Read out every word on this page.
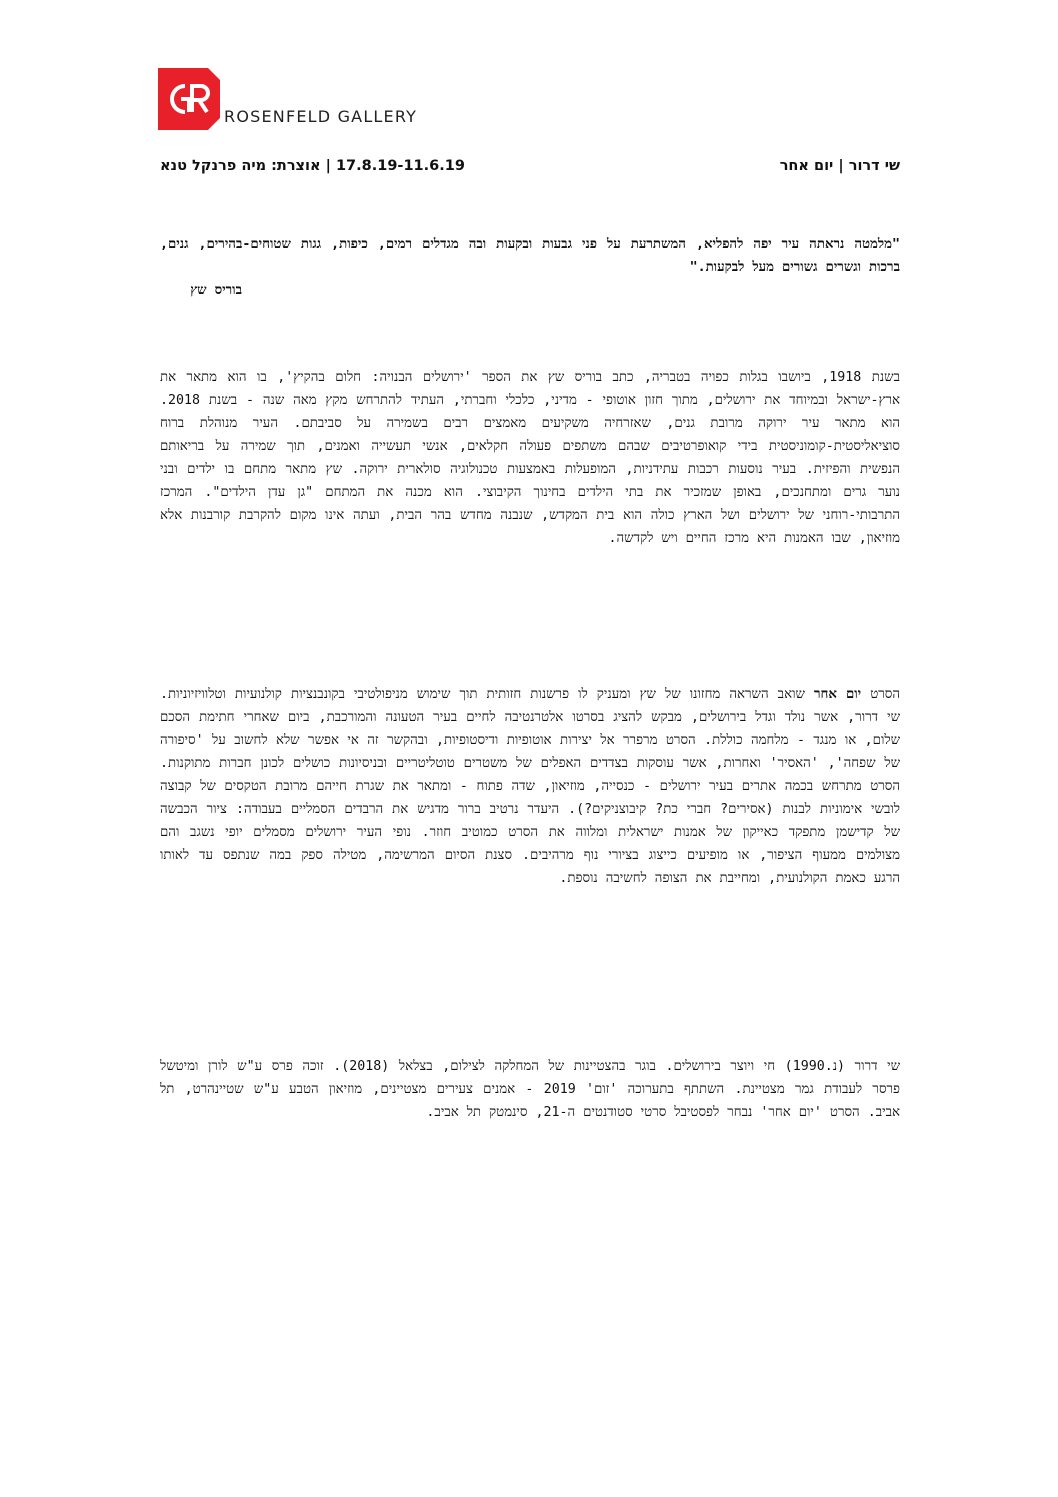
ROSENFELD GALLERY
שי דרור | יום אחר
17.8.19-11.6.19 | אוצרת: מיה פרנקל טנא

"מלמטה נראתה עיר יפה להפליא, המשתרעת על פני גבעות ובקעות ובה מגדלים רמים, כיפות, גגות שטוחים-בהירים, גנים, ברכות וגשרים גשורים מעל לבקעות."

בוריס שץ

בשנת 1918, ביושבו בגלות כפויה בטבריה, כתב בוריס שץ את הספר 'ירושלים הבנויה: חלום בהקיץ', בו הוא מתאר את ארץ-ישראל ובמיוחד את ירושלים, מתוך חזון אוטופי - מדיני, כלכלי וחברתי, העתיד להתרחש מקץ מאה שנה - בשנת 2018. הוא מתאר עיר ירוקה מרובת גנים, שאזרחיה משקיעים מאמצים רבים בשמירה על סביבתם. העיר מנוהלת ברוח סוציאליסטית-קומוניסטית בידי קואופרטיבים שבהם משתפים פעולה חקלאים, אנשי תעשייה ואמנים, תוך שמירה על בריאותם הנפשית והפיזית. בעיר נוסעות רכבות עתידניות, המופעלות באמצעות טכנולוגיה סולארית ירוקה. שץ מתאר מתחם בו ילדים ובני נוער גרים ומתחנכים, באופן שמזכיר את בתי הילדים בחינוך הקיבוצי. הוא מכנה את המתחם "גן עדן הילדים". המרכז התרבותי-רוחני של ירושלים ושל הארץ כולה הוא בית המקדש, שנבנה מחדש בהר הבית, ועתה אינו מקום להקרבת קורבנות אלא מוזיאון, שבו האמנות היא מרכז החיים ויש לקדשה.

הסרט יום אחר שואב השראה מחזונו של שץ ומעניק לו פרשנות חזותית תוך שימוש מניפולטיבי בקונבנציות קולנועיות וטלוויזיוניות. שי דרור, אשר נולד וגדל בירושלים, מבקש להציג בסרטו אלטרנטיבה לחיים בעיר הטעונה והמורכבת, ביום שאחרי חתימת הסכם שלום, או מנגד - מלחמה כוללת. הסרט מרפרר אל יצירות אוטופיות ודיסטופיות, ובהקשר זה אי אפשר שלא לחשוב על 'סיפורה של שפחה', 'האסיר' ואחרות, אשר עוסקות בצדדים האפלים של משטרים טוטליטריים ובניסיונות כושלים לכונן חברות מתוקנות. הסרט מתרחש בכמה אתרים בעיר ירושלים - כנסייה, מוזיאון, שדה פתוח - ומתאר את שגרת חייהם מרובת הטקסים של קבוצה לובשי אימוניות לבנות (אסירים? חברי כת? קיבוצניקים?). היעדר נרטיב ברור מדגיש את הרבדים הסמליים בעבודה: ציור הכבשה של קדישמן מתפקד כאייקון של אמנות ישראלית ומלווה את הסרט כמוטיב חוזר. נופי העיר ירושלים מסמלים יופי נשגב והם מצולמים ממעוף הציפור, או מופיעים כייצוג בציורי נוף מרהיבים. סצנת הסיום המרשימה, מטילה ספק במה שנתפס עד לאותו הרגע כאמת הקולנועית, ומחייבת את הצופה לחשיבה נוספת.

שי דרור (נ.1990) חי ויוצר בירושלים. בוגר בהצטיינות של המחלקה לצילום, בצלאל (2018). זוכה פרס ע"ש לורן ומיטשל פרסר לעבודת גמר מצטיינת. השתתף בתערוכה 'זום' 2019 - אמנים צעירים מצטיינים, מוזיאון הטבע ע"ש שטיינהרט, תל אביב. הסרט 'יום אחר' נבחר לפסטיבל סרטי סטודנטים ה-21, סינמטק תל אביב.
